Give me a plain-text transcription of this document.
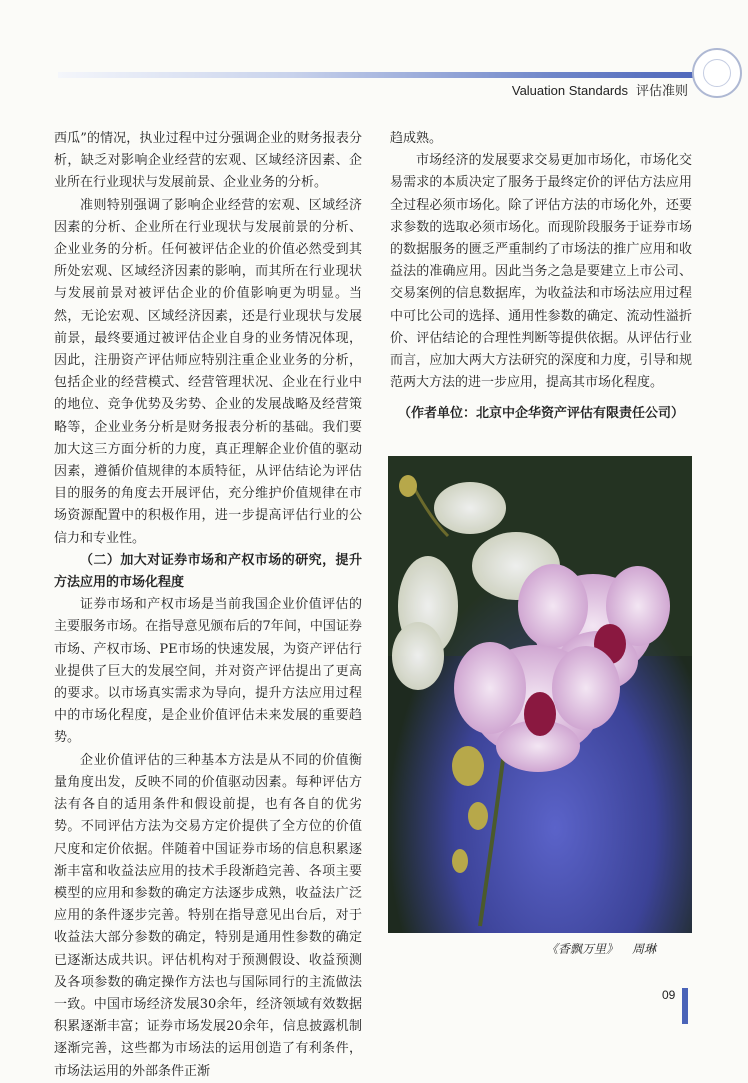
Valuation Standards 评估准则

西瓜”的情况，执业过程中过分强调企业的财务报表分析，缺乏对影响企业经营的宏观、区域经济因素、企业所在行业现状与发展前景、企业业务的分析。

准则特别强调了影响企业经营的宏观、区域经济因素的分析、企业所在行业现状与发展前景的分析、企业业务的分析。任何被评估企业的价值必然受到其所处宏观、区域经济因素的影响，而其所在行业现状与发展前景对被评估企业的价值影响更为明显。当然，无论宏观、区域经济因素，还是行业现状与发展前景，最终要通过被评估企业自身的业务情况体现，因此，注册资产评估师应特别注重企业业务的分析，包括企业的经营模式、经营管理状况、企业在行业中的地位、竞争优势及劣势、企业的发展战略及经营策略等，企业业务分析是财务报表分析的基础。我们要加大这三方面分析的力度，真正理解企业价值的驱动因素，遵循价值规律的本质特征，从评估结论为评估目的服务的角度去开展评估，充分维护价值规律在市场资源配置中的积极作用，进一步提高评估行业的公信力和专业性。

（二）加大对证券市场和产权市场的研究，提升方法应用的市场化程度

证券市场和产权市场是当前我国企业价值评估的主要服务市场。在指导意见颁布后的7年间，中国证券市场、产权市场、PE市场的快速发展，为资产评估行业提供了巨大的发展空间，并对资产评估提出了更高的要求。以市场真实需求为导向，提升方法应用过程中的市场化程度，是企业价值评估未来发展的重要趋势。

企业价值评估的三种基本方法是从不同的价值衡量角度出发，反映不同的价值驱动因素。每种评估方法有各自的适用条件和假设前提，也有各自的优劣势。不同评估方法为交易方定价提供了全方位的价值尺度和定价依据。伴随着中国证券市场的信息积累逐渐丰富和收益法应用的技术手段渐趋完善、各项主要模型的应用和参数的确定方法逐步成熟，收益法广泛应用的条件逐步完善。特别在指导意见出台后，对于收益法大部分参数的确定，特别是通用性参数的确定已逐渐达成共识。评估机构对于预测假设、收益预测及各项参数的确定操作方法也与国际同行的主流做法一致。中国市场经济发展30余年，经济领域有效数据积累逐渐丰富；证券市场发展20余年，信息披露机制逐渐完善，这些都为市场法的运用创造了有利条件，市场法运用的外部条件正渐

趋成熟。

市场经济的发展要求交易更加市场化，市场化交易需求的本质决定了服务于最终定价的评估方法应用全过程必须市场化。除了评估方法的市场化外，还要求参数的选取必须市场化。而现阶段服务于证券市场的数据服务的匮乏严重制约了市场法的推广应用和收益法的准确应用。因此当务之急是要建立上市公司、交易案例的信息数据库，为收益法和市场法应用过程中可比公司的选择、通用性参数的确定、流动性溢折价、评估结论的合理性判断等提供依据。从评估行业而言，应加大两大方法研究的深度和力度，引导和规范两大方法的进一步应用，提高其市场化程度。

（作者单位：北京中企华资产评估有限责任公司）
《香飘万里》 周琳
09
